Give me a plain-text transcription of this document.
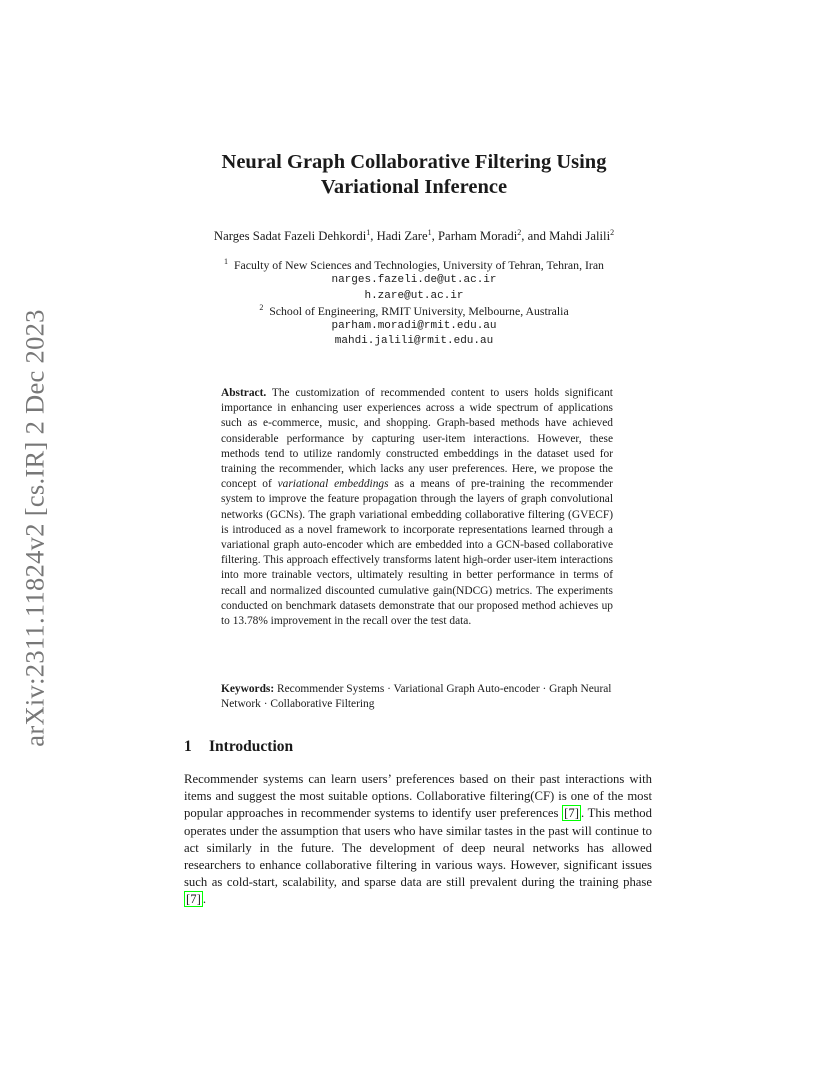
arXiv:2311.11824v2 [cs.IR] 2 Dec 2023
Neural Graph Collaborative Filtering Using
Variational Inference
Narges Sadat Fazeli Dehkordi$^1$, Hadi Zare$^1$, Parham Moradi$^2$, and Mahdi Jalili$^2$
$^1$ Faculty of New Sciences and Technologies, University of Tehran, Tehran, Iran
narges.fazeli.de@ut.ac.ir
h.zare@ut.ac.ir
$^2$ School of Engineering, RMIT University, Melbourne, Australia
parham.moradi@rmit.edu.au
mahdi.jalili@rmit.edu.au
Abstract. The customization of recommended content to users holds significant importance in enhancing user experiences across a wide spectrum of applications such as e-commerce, music, and shopping. Graph-based methods have achieved considerable performance by capturing user-item interactions. However, these methods tend to utilize randomly constructed embeddings in the dataset used for training the recommender, which lacks any user preferences. Here, we propose the concept of variational embeddings as a means of pre-training the recommender system to improve the feature propagation through the layers of graph convolutional networks (GCNs). The graph variational embedding collaborative filtering (GVECF) is introduced as a novel framework to incorporate representations learned through a variational graph auto-encoder which are embedded into a GCN-based collaborative filtering. This approach effectively transforms latent high-order user-item interactions into more trainable vectors, ultimately resulting in better performance in terms of recall and normalized discounted cumulative gain(NDCG) metrics. The experiments conducted on benchmark datasets demonstrate that our proposed method achieves up to 13.78% improvement in the recall over the test data.
Keywords: Recommender Systems · Variational Graph Auto-encoder · Graph Neural Network · Collaborative Filtering
1 Introduction
Recommender systems can learn users’ preferences based on their past interactions with items and suggest the most suitable options. Collaborative filtering(CF) is one of the most popular approaches in recommender systems to identify user preferences [7] . This method operates under the assumption that users who have similar tastes in the past will continue to act similarly in the future. The development of deep neural networks has allowed researchers to enhance collaborative filtering in various ways. However, significant issues such as cold-start, scalability, and sparse data are still prevalent during the training phase [7] .
